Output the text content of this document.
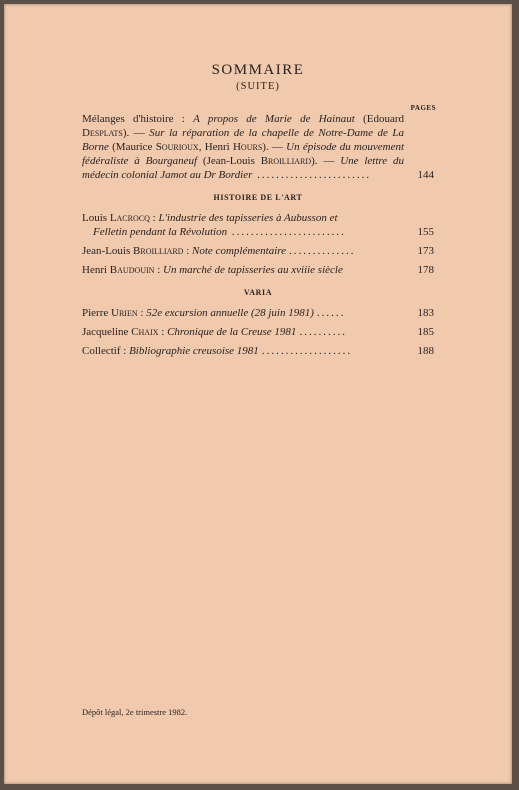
SOMMAIRE
(SUITE)
PAGES
Mélanges d'histoire : A propos de Marie de Hainaut (Edouard Desplats). — Sur la réparation de la chapelle de Notre-Dame de La Borne (Maurice Sourioux, Henri Hours). — Un épisode du mouvement fédéraliste à Bourganeuf (Jean-Louis Broilliard). — Une lettre du médecin colonial Jamot au Dr Bordier ........................	144
HISTOIRE DE L'ART
Louis Lacrocq : L'industrie des tapisseries à Aubusson et
Felletin pendant la Révolution ........................	155
Jean-Louis Broilliard : Note complémentaire ..............	173
Henri Baudouin : Un marché de tapisseries au xviiie siècle	178
VARIA
Pierre Urien : 52e excursion annuelle (28 juin 1981) ......	183
Jacqueline Chaix : Chronique de la Creuse 1981 ..........	185
Collectif : Bibliographie creusoise 1981 ...................	188
Dépôt légal, 2e trimestre 1982.
